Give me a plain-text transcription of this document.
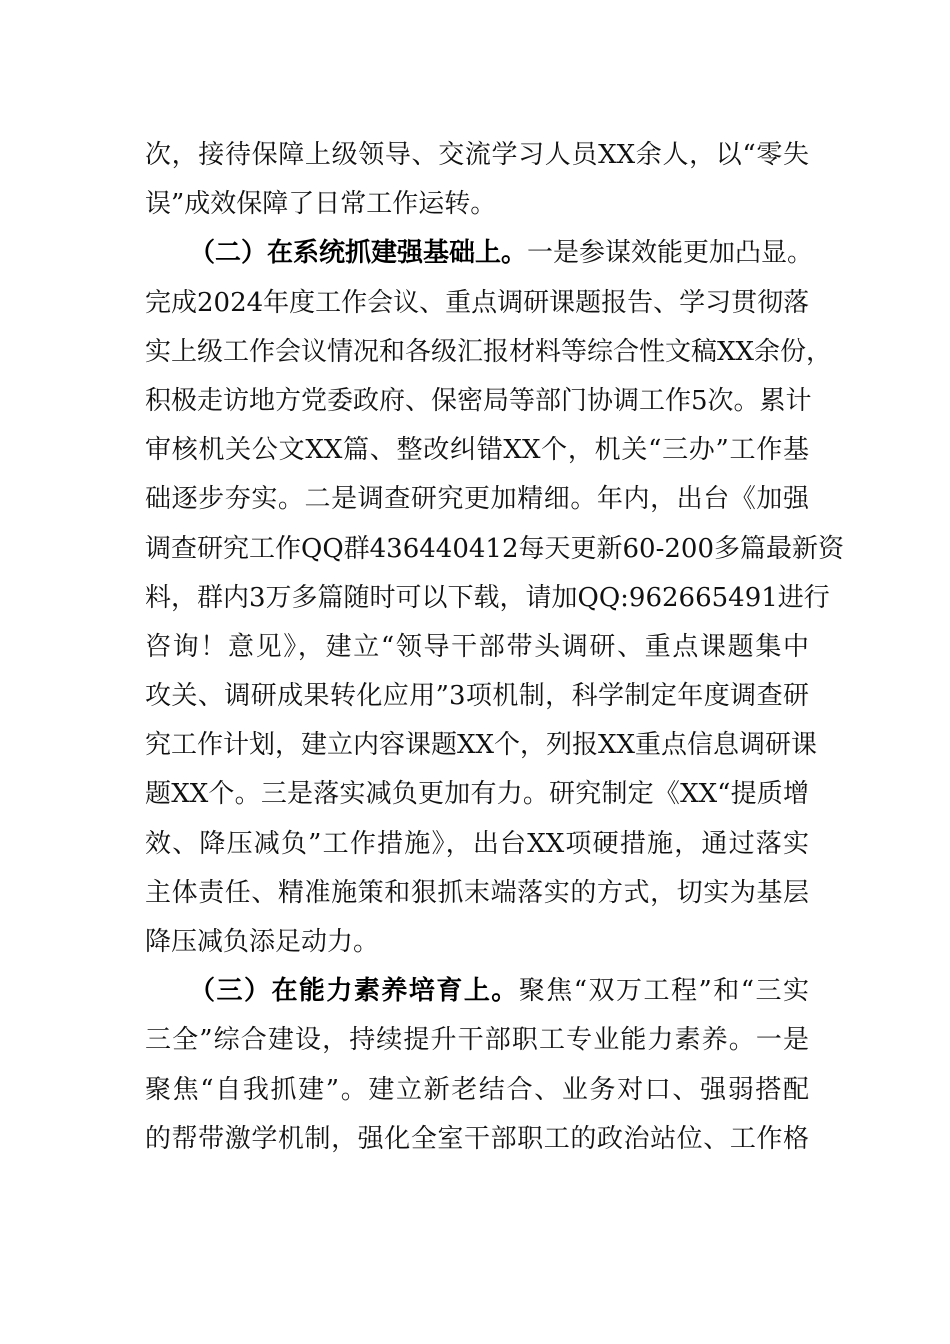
次，接待保障上级领导、交流学习人员XX余人，以“零失
误”成效保障了日常工作运转。
（二）在系统抓建强基础上。一是参谋效能更加凸显。
完成2024年度工作会议、重点调研课题报告、学习贯彻落
实上级工作会议情况和各级汇报材料等综合性文稿XX余份，
积极走访地方党委政府、保密局等部门协调工作5次。累计
审核机关公文XX篇、整改纠错XX个，机关“三办”工作基
础逐步夯实。二是调查研究更加精细。年内，出台《加强
调查研究工作QQ群436440412每天更新60-200多篇最新资
料，群内3万多篇随时可以下载，请加QQ:962665491进行
咨询！意见》，建立“领导干部带头调研、重点课题集中
攻关、调研成果转化应用”3项机制，科学制定年度调查研
究工作计划，建立内容课题XX个，列报XX重点信息调研课
题XX个。三是落实减负更加有力。研究制定《XX“提质增
效、降压减负”工作措施》，出台XX项硬措施，通过落实
主体责任、精准施策和狠抓末端落实的方式，切实为基层
降压减负添足动力。
（三）在能力素养培育上。聚焦“双万工程”和“三实
三全”综合建设，持续提升干部职工专业能力素养。一是
聚焦“自我抓建”。建立新老结合、业务对口、强弱搭配
的帮带激学机制，强化全室干部职工的政治站位、工作格
